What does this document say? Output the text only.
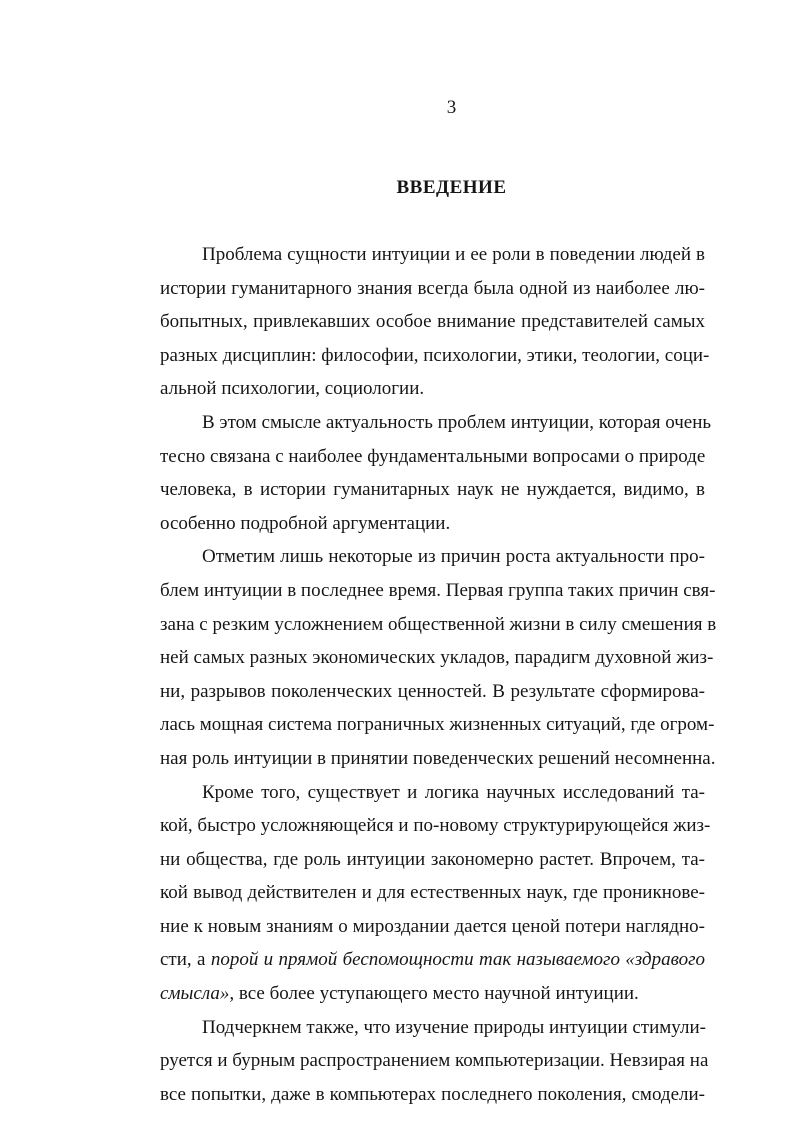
3

ВВЕДЕНИЕ

Проблема сущности интуиции и ее роли в поведении людей в
истории гуманитарного знания всегда была одной из наиболее лю-
бопытных, привлекавших особое внимание представителей самых
разных дисциплин: философии, психологии, этики, теологии, соци-
альной психологии, социологии.

В этом смысле актуальность проблем интуиции, которая очень
тесно связана с наиболее фундаментальными вопросами о природе
человека, в истории гуманитарных наук не нуждается, видимо, в
особенно подробной аргументации.

Отметим лишь некоторые из причин роста актуальности про-
блем интуиции в последнее время. Первая группа таких причин свя-
зана с резким усложнением общественной жизни в силу смешения в
ней самых разных экономических укладов, парадигм духовной жиз-
ни, разрывов поколенческих ценностей. В результате сформирова-
лась мощная система пограничных жизненных ситуаций, где огром-
ная роль интуиции в принятии поведенческих решений несомненна.

Кроме того, существует и логика научных исследований та-
кой, быстро усложняющейся и по-новому структурирующейся жиз-
ни общества, где роль интуиции закономерно растет. Впрочем, та-
кой вывод действителен и для естественных наук, где проникнове-
ние к новым знаниям о мироздании дается ценой потери нагляднo-
сти, а порой и прямой беспомощности так называемого «здравого
смысла», все более уступающего место научной интуиции.

Подчеркнем также, что изучение природы интуиции стимули-
руется и бурным распространением компьютеризации. Невзирая на
все попытки, даже в компьютерах последнего поколения, смодели-
